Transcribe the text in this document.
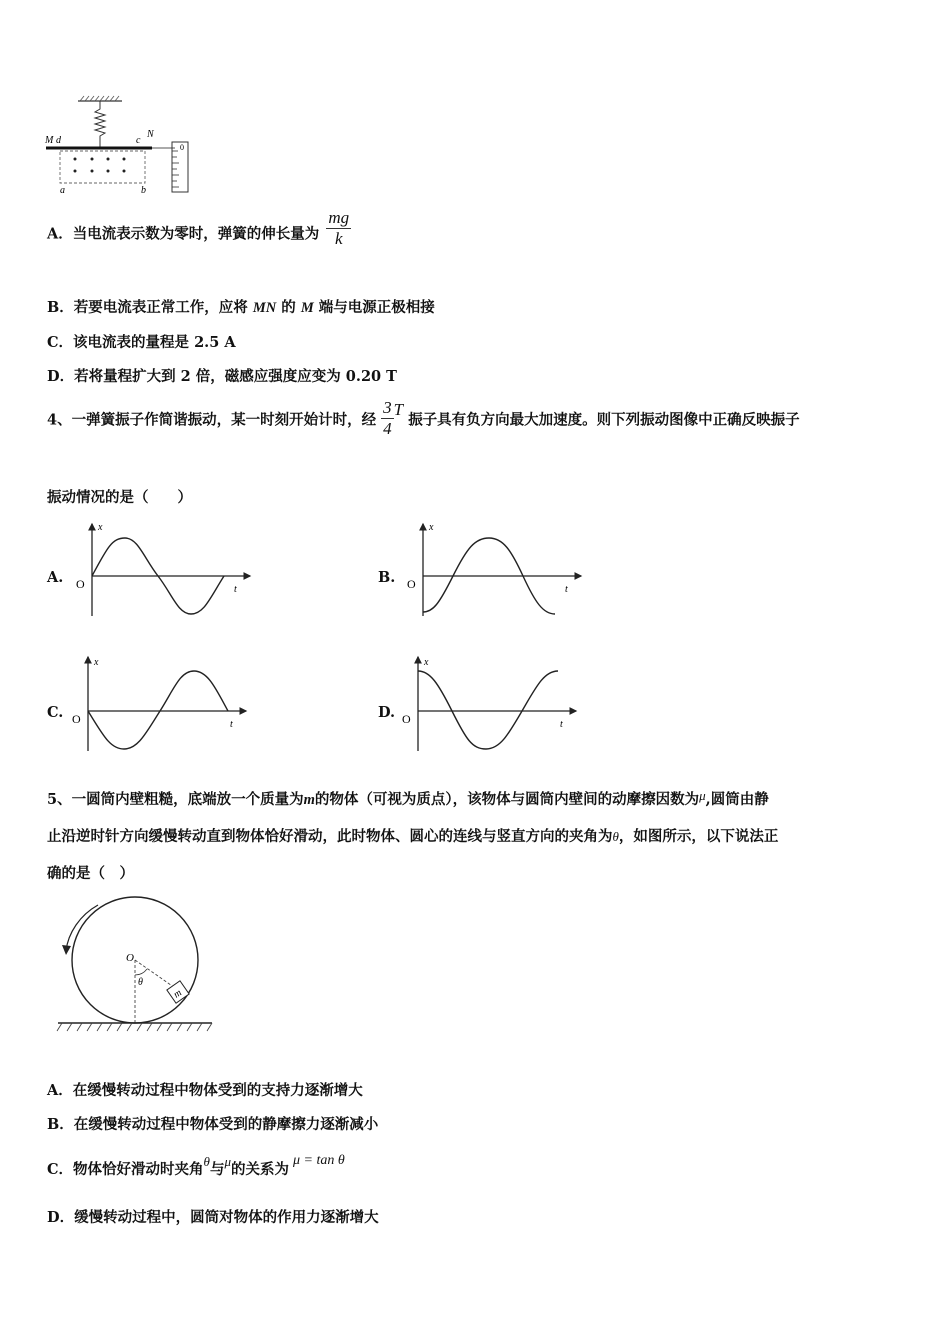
M d	c
N
a	b
0
A．当电流表示数为零时，弹簧的伸长量为 $\frac{mg}{k}$
B．若要电流表正常工作，应将 MN 的 M 端与电源正极相接
C．该电流表的量程是 2.5 A
D．若将量程扩大到 2 倍，磁感应强度应变为 0.20 T
4、一弹簧振子作简谐振动，某一时刻开始计时，经 $\frac{3}{4}$ T 振子具有负方向最大加速度。则下列振动图像中正确反映振子
振动情况的是（　　）
A.
x
O	t
B.
x
O	t
C.
x
O	t
D.
x
O	t
5、一圆筒内壁粗糙，底端放一个质量为m的物体（可视为质点），该物体与圆筒内壁间的动摩擦因数为μ,圆筒由静
止沿逆时针方向缓慢转动直到物体恰好滑动，此时物体、圆心的连线与竖直方向的夹角为θ，如图所示，以下说法正
确的是（　）
m
O
θ
A．在缓慢转动过程中物体受到的支持力逐渐增大
B．在缓慢转动过程中物体受到的静摩擦力逐渐减小
C．物体恰好滑动时夹角θ与μ的关系为μ = tan θ
D．缓慢转动过程中，圆筒对物体的作用力逐渐增大
